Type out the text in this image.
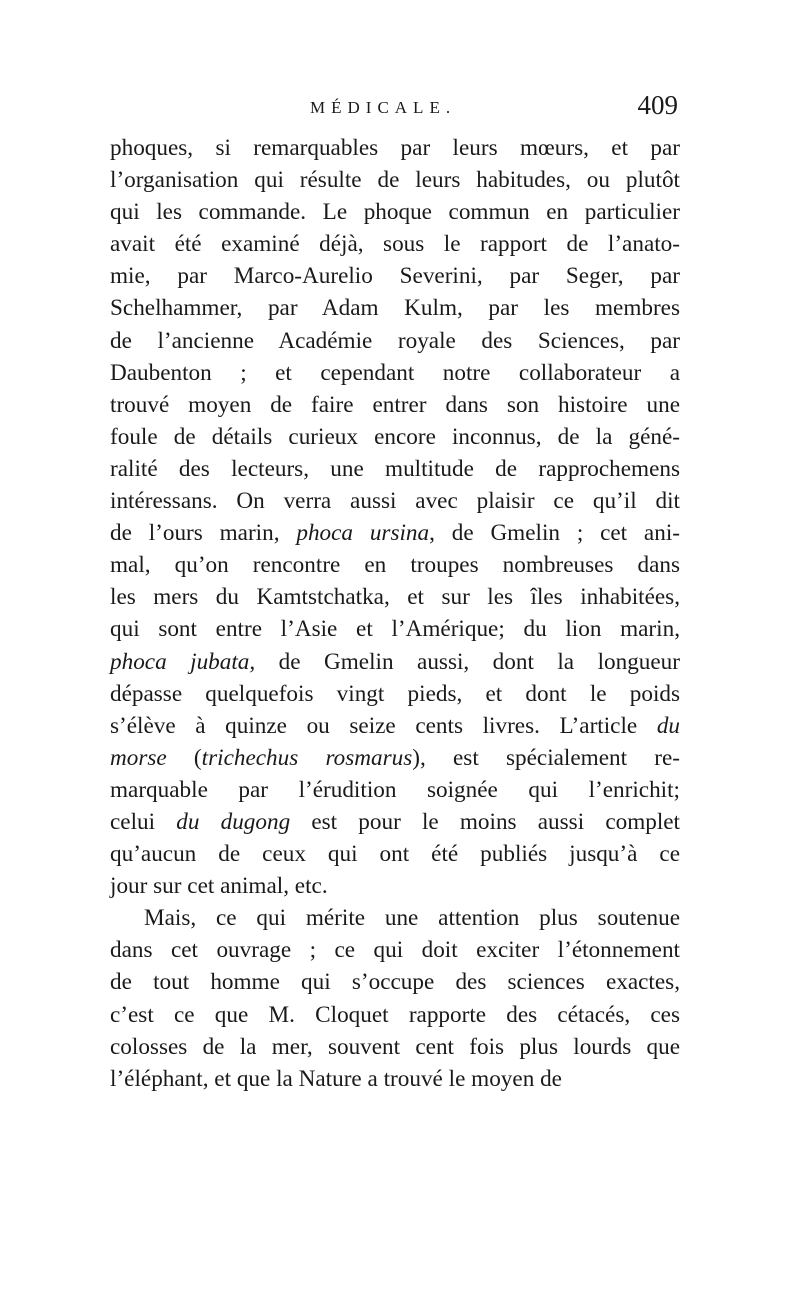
MÉDICALE.	409
phoques, si remarquables par leurs mœurs, et par
l’organisation qui résulte de leurs habitudes, ou plutôt
qui les commande. Le phoque commun en particulier
avait été examiné déjà, sous le rapport de l’anato-
mie, par Marco-Aurelio Severini, par Seger, par
Schelhammer, par Adam Kulm, par les membres
de l’ancienne Académie royale des Sciences, par
Daubenton ; et cependant notre collaborateur a
trouvé moyen de faire entrer dans son histoire une
foule de détails curieux encore inconnus, de la géné-
ralité des lecteurs, une multitude de rapprochemens
intéressans. On verra aussi avec plaisir ce qu’il dit
de l’ours marin, phoca ursina, de Gmelin ; cet ani-
mal, qu’on rencontre en troupes nombreuses dans
les mers du Kamtstchatka, et sur les îles inhabitées,
qui sont entre l’Asie et l’Amérique; du lion marin,
phoca jubata, de Gmelin aussi, dont la longueur
dépasse quelquefois vingt pieds, et dont le poids
s’élève à quinze ou seize cents livres. L’article du
morse (trichechus rosmarus), est spécialement re-
marquable par l’érudition soignée qui l’enrichit;
celui du dugong est pour le moins aussi complet
qu’aucun de ceux qui ont été publiés jusqu’à ce
jour sur cet animal, etc.
Mais, ce qui mérite une attention plus soutenue
dans cet ouvrage ; ce qui doit exciter l’étonnement
de tout homme qui s’occupe des sciences exactes,
c’est ce que M. Cloquet rapporte des cétacés, ces
colosses de la mer, souvent cent fois plus lourds que
l’éléphant, et que la Nature a trouvé le moyen de
